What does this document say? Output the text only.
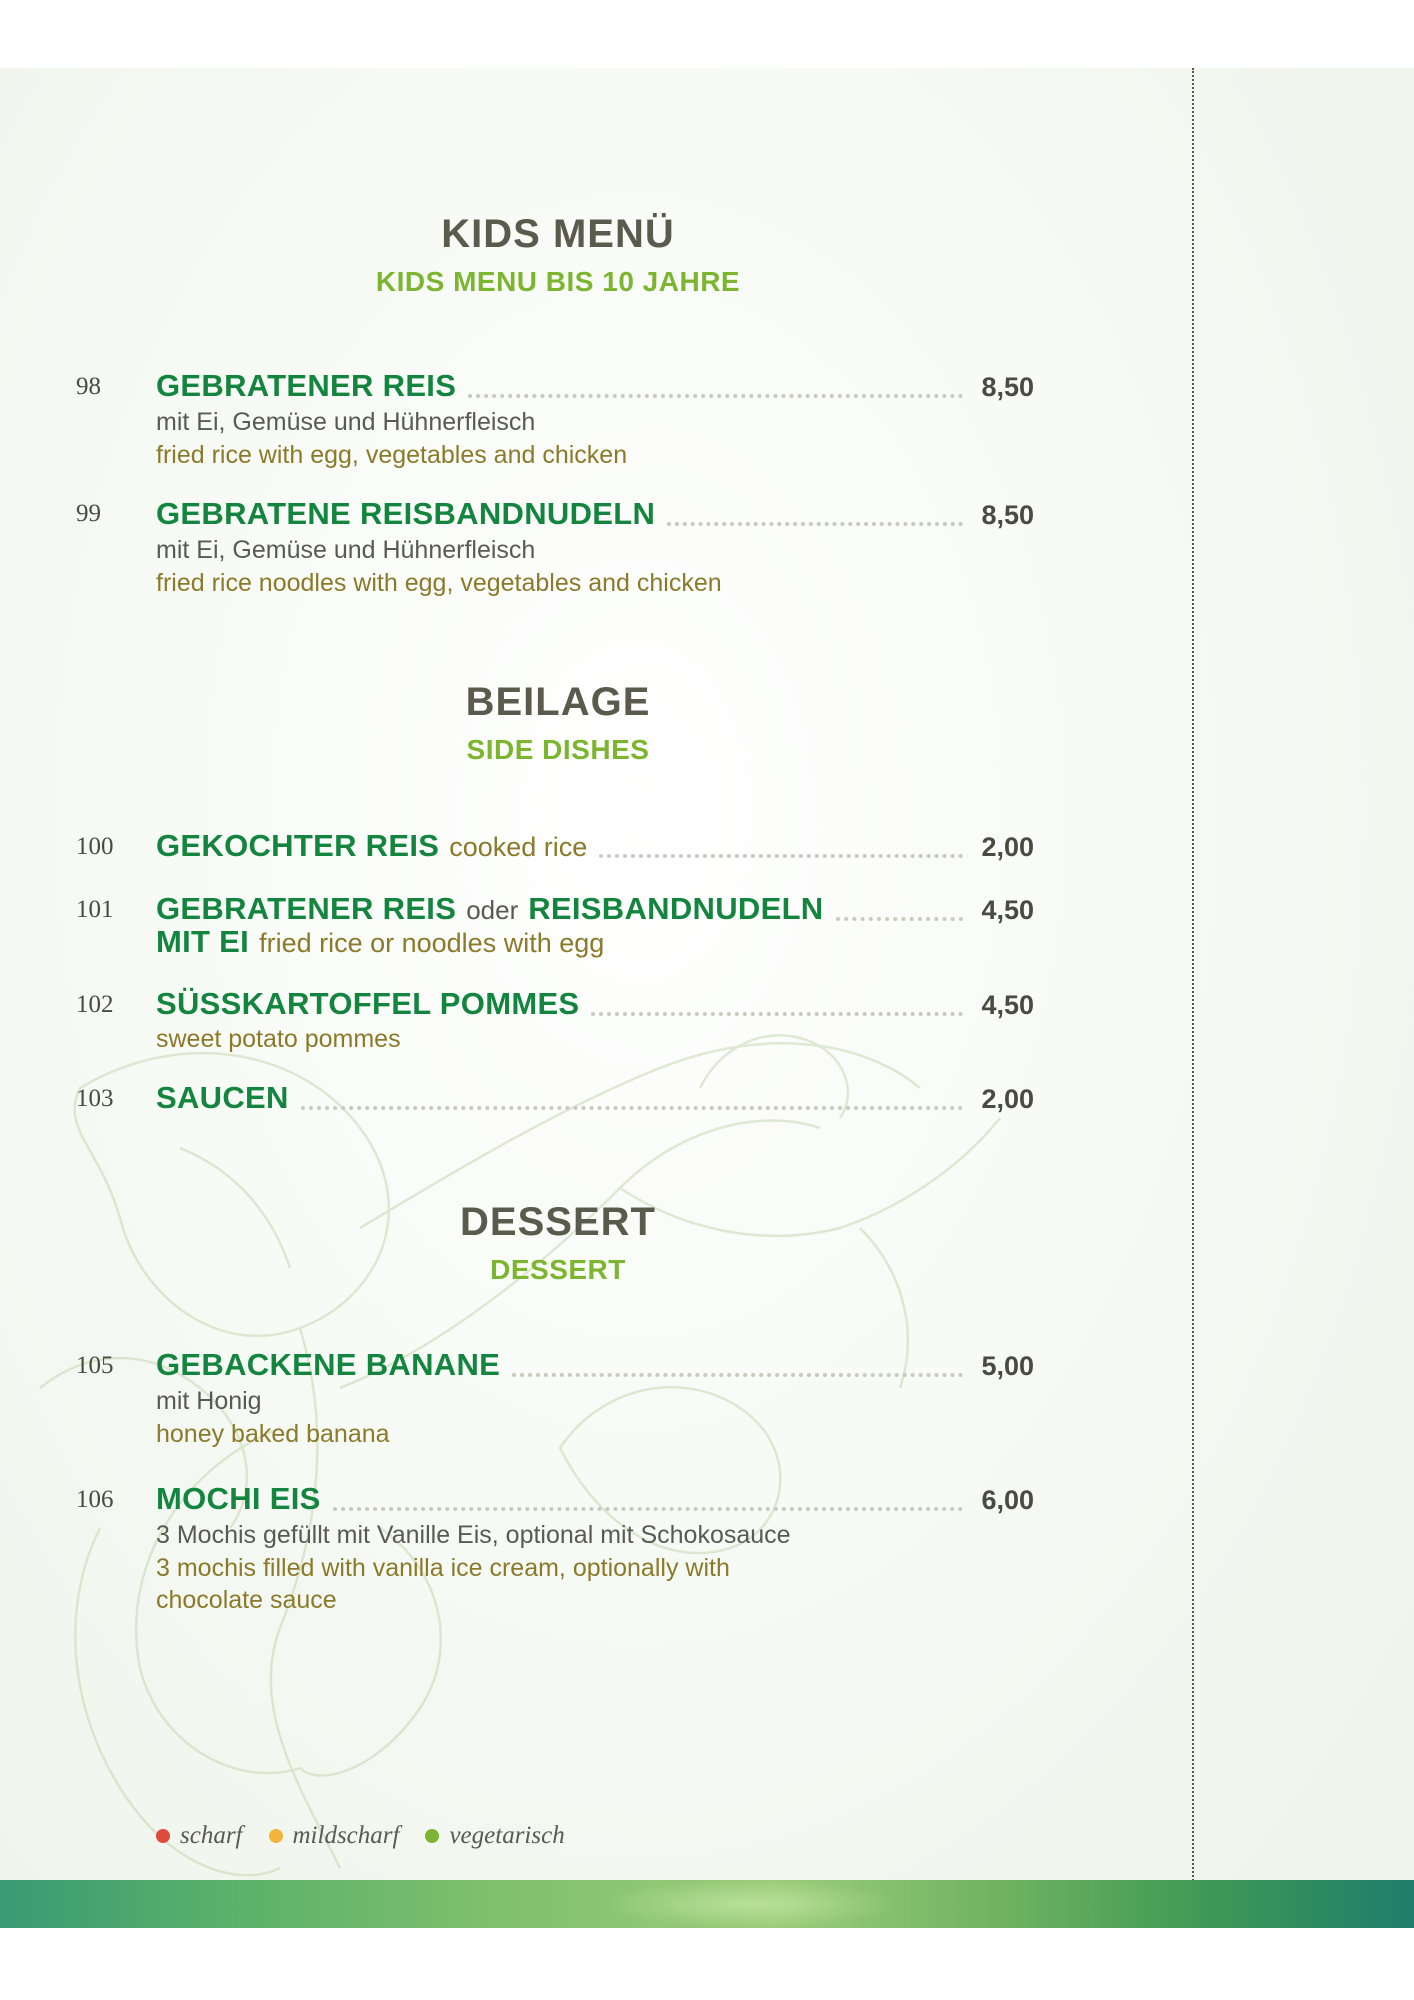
KIDS MENÜ
KIDS MENU BIS 10 JAHRE
98 GEBRATENER REIS	8,50
mit Ei, Gemüse und Hühnerfleisch
fried rice with egg, vegetables and chicken
99 GEBRATENE REISBANDNUDELN	8,50
mit Ei, Gemüse und Hühnerfleisch
fried rice noodles with egg, vegetables and chicken
BEILAGE
SIDE DISHES
100 GEKOCHTER REIS cooked rice	2,00
101 GEBRATENER REIS oder REISBANDNUDELN	4,50
MIT EI fried rice or noodles with egg
102 SÜSSKARTOFFEL POMMES	4,50
sweet potato pommes
103 SAUCEN	2,00
DESSERT
DESSERT
105 GEBACKENE BANANE	5,00
mit Honig
honey baked banana
106 MOCHI EIS	6,00
3 Mochis gefüllt mit Vanille Eis, optional mit Schokosauce
3 mochis filled with vanilla ice cream, optionally with
chocolate sauce
scharf mildscharf vegetarisch
